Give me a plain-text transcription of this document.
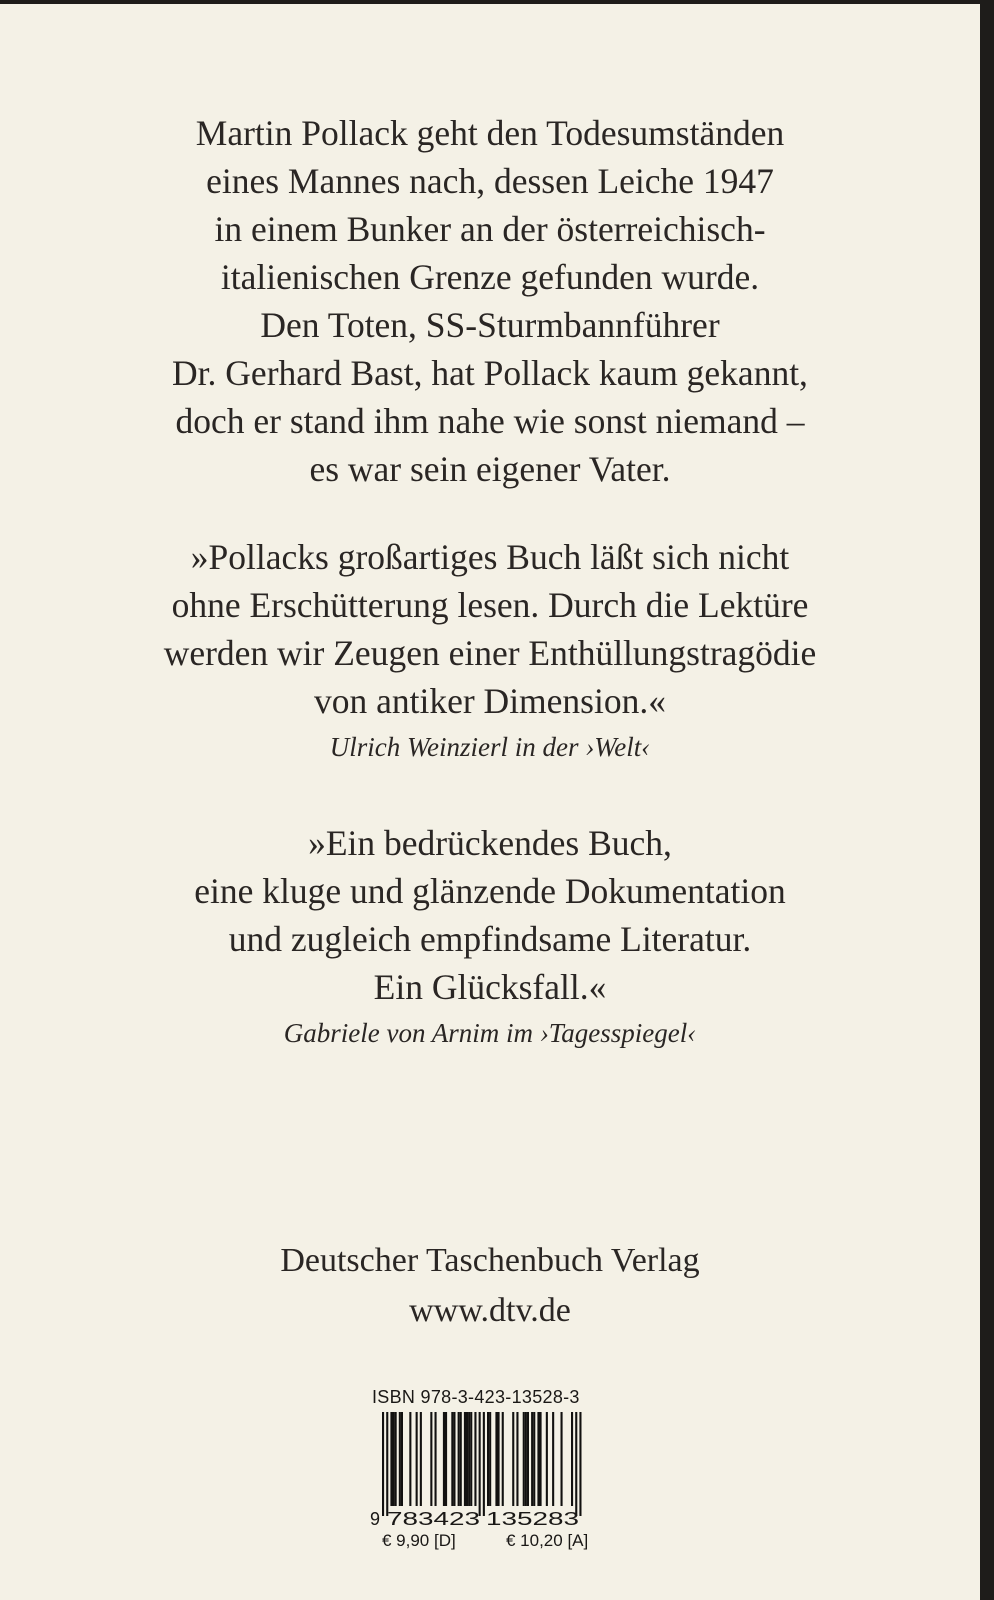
Martin Pollack geht den Todesumständen
eines Mannes nach, dessen Leiche 1947
in einem Bunker an der österreichisch-
italienischen Grenze gefunden wurde.
Den Toten, SS-Sturmbannführer
Dr. Gerhard Bast, hat Pollack kaum gekannt,
doch er stand ihm nahe wie sonst niemand –
es war sein eigener Vater.
»Pollacks großartiges Buch läßt sich nicht
ohne Erschütterung lesen. Durch die Lektüre
werden wir Zeugen einer Enthüllungstragödie
von antiker Dimension.«
Ulrich Weinzierl in der ›Welt‹
»Ein bedrückendes Buch,
eine kluge und glänzende Dokumentation
und zugleich empfindsame Literatur.
Ein Glücksfall.«
Gabriele von Arnim im ›Tagesspiegel‹
Deutscher Taschenbuch Verlag
www.dtv.de
ISBN 978-3-423-13528-3
9 783423 135283
€ 9,90 [D]	€ 10,20 [A]
